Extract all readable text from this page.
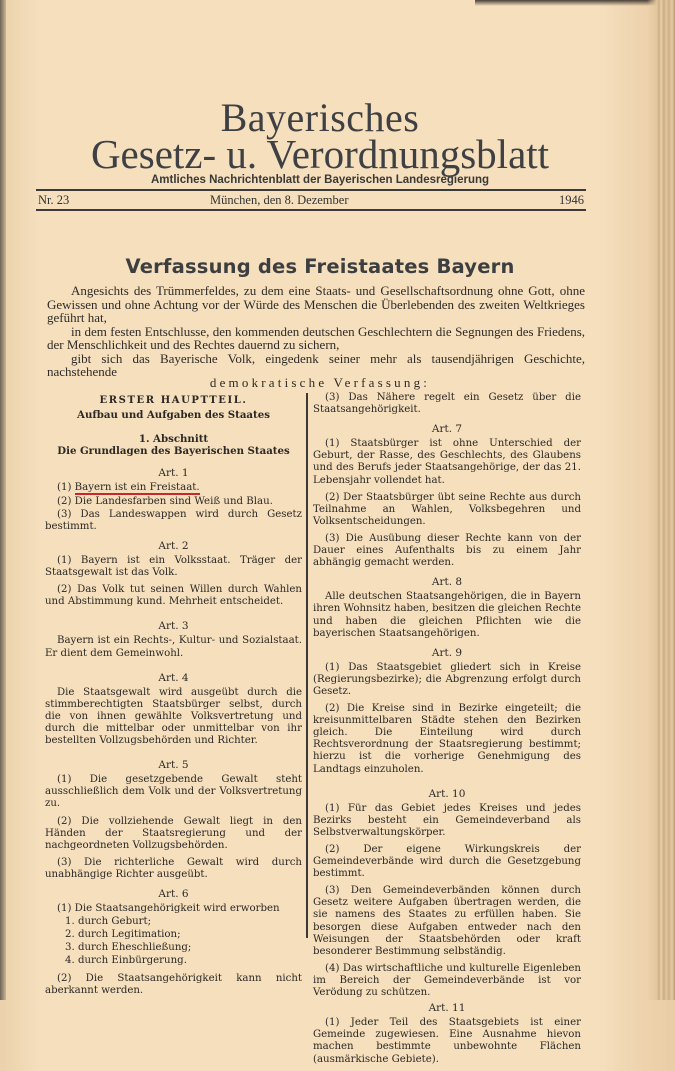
Bayerisches
Gesetz- u. Verordnungsblatt
Amtliches Nachrichtenblatt der Bayerischen Landesregierung
Nr. 23	München, den 8. Dezember	1946
Verfassung des Freistaates Bayern

Angesichts des Trümmerfeldes, zu dem eine Staats- und Gesellschaftsordnung ohne Gott, ohne Gewissen und ohne Achtung vor der Würde des Menschen die Überlebenden des zweiten Weltkrieges geführt hat,

in dem festen Entschlusse, den kommenden deutschen Geschlechtern die Segnungen des Friedens, der Menschlichkeit und des Rechtes dauernd zu sichern,

gibt sich das Bayerische Volk, eingedenk seiner mehr als tausendjährigen Geschichte, nachstehende

demokratische Verfassung:

ERSTER HAUPTTEIL.

Aufbau und Aufgaben des Staates

1. Abschnitt

Die Grundlagen des Bayerischen Staates

Art. 1

(1) Bayern ist ein Freistaat.

(2) Die Landesfarben sind Weiß und Blau.

(3) Das Landeswappen wird durch Gesetz bestimmt.

Art. 2

(1) Bayern ist ein Volksstaat. Träger der Staatsgewalt ist das Volk.

(2) Das Volk tut seinen Willen durch Wahlen und Abstimmung kund. Mehrheit entscheidet.

Art. 3

Bayern ist ein Rechts-, Kultur- und Sozialstaat. Er dient dem Gemeinwohl.

Art. 4

Die Staatsgewalt wird ausgeübt durch die stimmberechtigten Staatsbürger selbst, durch die von ihnen gewählte Volksvertretung und durch die mittelbar oder unmittelbar von ihr bestellten Vollzugsbehörden und Richter.

Art. 5

(1) Die gesetzgebende Gewalt steht ausschließlich dem Volk und der Volksvertretung zu.

(2) Die vollziehende Gewalt liegt in den Händen der Staatsregierung und der nachgeordneten Vollzugsbehörden.

(3) Die richterliche Gewalt wird durch unabhängige Richter ausgeübt.

Art. 6

(1) Die Staatsangehörigkeit wird erworben

1. durch Geburt;

2. durch Legitimation;

3. durch Eheschließung;

4. durch Einbürgerung.

(2) Die Staatsangehörigkeit kann nicht aberkannt werden.

(3) Das Nähere regelt ein Gesetz über die Staatsangehörigkeit.

Art. 7

(1) Staatsbürger ist ohne Unterschied der Geburt, der Rasse, des Geschlechts, des Glaubens und des Berufs jeder Staatsangehörige, der das 21. Lebensjahr vollendet hat.

(2) Der Staatsbürger übt seine Rechte aus durch Teilnahme an Wahlen, Volksbegehren und Volksentscheidungen.

(3) Die Ausübung dieser Rechte kann von der Dauer eines Aufenthalts bis zu einem Jahr abhängig gemacht werden.

Art. 8

Alle deutschen Staatsangehörigen, die in Bayern ihren Wohnsitz haben, besitzen die gleichen Rechte und haben die gleichen Pflichten wie die bayerischen Staatsangehörigen.

Art. 9

(1) Das Staatsgebiet gliedert sich in Kreise (Regierungsbezirke); die Abgrenzung erfolgt durch Gesetz.

(2) Die Kreise sind in Bezirke eingeteilt; die kreisunmittelbaren Städte stehen den Bezirken gleich. Die Einteilung wird durch Rechtsverordnung der Staatsregierung bestimmt; hierzu ist die vorherige Genehmigung des Landtags einzuholen.

Art. 10

(1) Für das Gebiet jedes Kreises und jedes Bezirks besteht ein Gemeindeverband als Selbstverwaltungskörper.

(2) Der eigene Wirkungskreis der Gemeindeverbände wird durch die Gesetzgebung bestimmt.

(3) Den Gemeindeverbänden können durch Gesetz weitere Aufgaben übertragen werden, die sie namens des Staates zu erfüllen haben. Sie besorgen diese Aufgaben entweder nach den Weisungen der Staatsbehörden oder kraft besonderer Bestimmung selbständig.

(4) Das wirtschaftliche und kulturelle Eigenleben im Bereich der Gemeindeverbände ist vor Verödung zu schützen.

Art. 11

(1) Jeder Teil des Staatsgebiets ist einer Gemeinde zugewiesen. Eine Ausnahme hievon machen bestimmte unbewohnte Flächen (ausmärkische Gebiete).
